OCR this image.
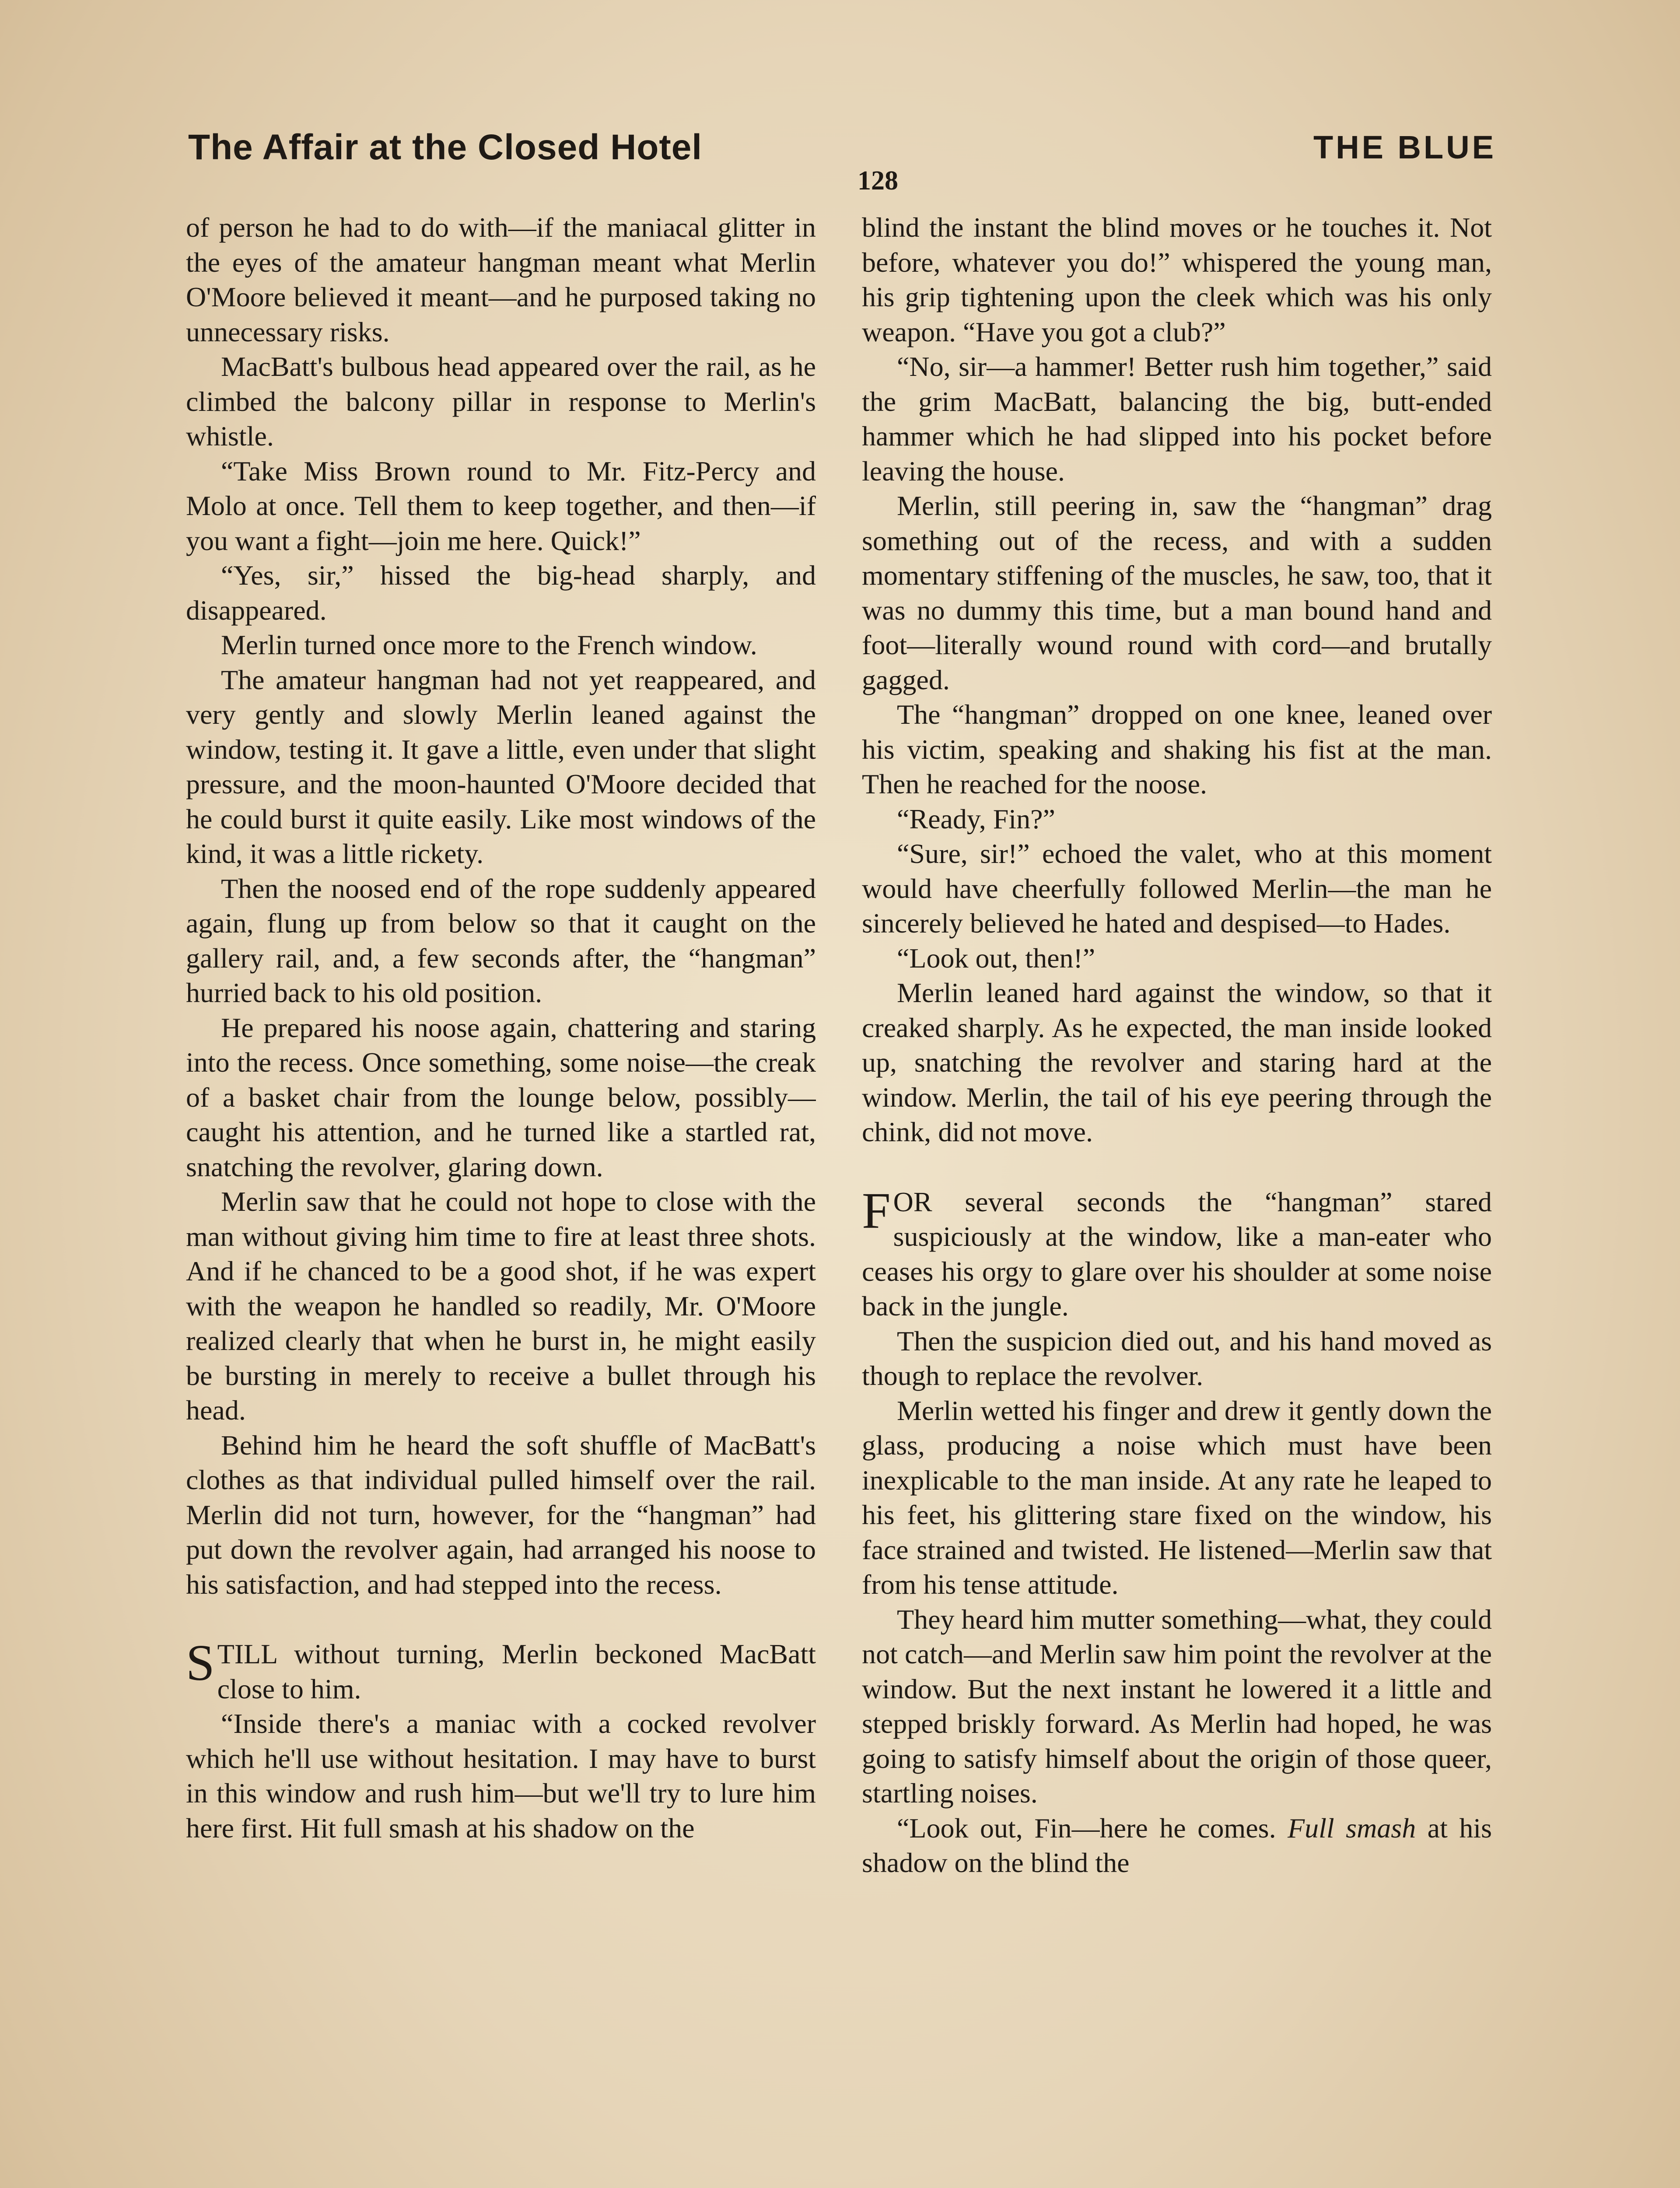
The Affair at the Closed Hotel	THE BLUE
128

of person he had to do with—if the maniacal glitter in the eyes of the amateur hangman meant what Merlin O'Moore believed it meant—and he purposed taking no unnecessary risks.

MacBatt's bulbous head appeared over the rail, as he climbed the balcony pillar in response to Merlin's whistle.

“Take Miss Brown round to Mr. Fitz-Percy and Molo at once. Tell them to keep together, and then—if you want a fight—join me here. Quick!”

“Yes, sir,” hissed the big-head sharply, and disappeared.

Merlin turned once more to the French window.

The amateur hangman had not yet reappeared, and very gently and slowly Merlin leaned against the window, testing it. It gave a little, even under that slight pressure, and the moon-haunted O'Moore decided that he could burst it quite easily. Like most windows of the kind, it was a little rickety.

Then the noosed end of the rope suddenly appeared again, flung up from below so that it caught on the gallery rail, and, a few seconds after, the “hangman” hurried back to his old position.

He prepared his noose again, chattering and staring into the recess. Once something, some noise—the creak of a basket chair from the lounge below, possibly—caught his attention, and he turned like a startled rat, snatching the revolver, glaring down.

Merlin saw that he could not hope to close with the man without giving him time to fire at least three shots. And if he chanced to be a good shot, if he was expert with the weapon he handled so readily, Mr. O'Moore realized clearly that when he burst in, he might easily be bursting in merely to receive a bullet through his head.

Behind him he heard the soft shuffle of MacBatt's clothes as that individual pulled himself over the rail. Merlin did not turn, however, for the “hangman” had put down the revolver again, had arranged his noose to his satisfaction, and had stepped into the recess.

STILL without turning, Merlin beckoned MacBatt close to him.

“Inside there's a maniac with a cocked revolver which he'll use without hesitation. I may have to burst in this window and rush him—but we'll try to lure him here first. Hit full smash at his shadow on the

blind the instant the blind moves or he touches it. Not before, whatever you do!” whispered the young man, his grip tightening upon the cleek which was his only weapon. “Have you got a club?”

“No, sir—a hammer! Better rush him together,” said the grim MacBatt, balancing the big, butt-ended hammer which he had slipped into his pocket before leaving the house.

Merlin, still peering in, saw the “hangman” drag something out of the recess, and with a sudden momentary stiffening of the muscles, he saw, too, that it was no dummy this time, but a man bound hand and foot—literally wound round with cord—and brutally gagged.

The “hangman” dropped on one knee, leaned over his victim, speaking and shaking his fist at the man. Then he reached for the noose.

“Ready, Fin?”

“Sure, sir!” echoed the valet, who at this moment would have cheerfully followed Merlin—the man he sincerely believed he hated and despised—to Hades.

“Look out, then!”

Merlin leaned hard against the window, so that it creaked sharply. As he expected, the man inside looked up, snatching the revolver and staring hard at the window. Merlin, the tail of his eye peering through the chink, did not move.

FOR several seconds the “hangman” stared suspiciously at the window, like a man-eater who ceases his orgy to glare over his shoulder at some noise back in the jungle.

Then the suspicion died out, and his hand moved as though to replace the revolver.

Merlin wetted his finger and drew it gently down the glass, producing a noise which must have been inexplicable to the man inside. At any rate he leaped to his feet, his glittering stare fixed on the window, his face strained and twisted. He listened—Merlin saw that from his tense attitude.

They heard him mutter something—what, they could not catch—and Merlin saw him point the revolver at the window. But the next instant he lowered it a little and stepped briskly forward. As Merlin had hoped, he was going to satisfy himself about the origin of those queer, startling noises.

“Look out, Fin—here he comes. Full smash at his shadow on the blind the
